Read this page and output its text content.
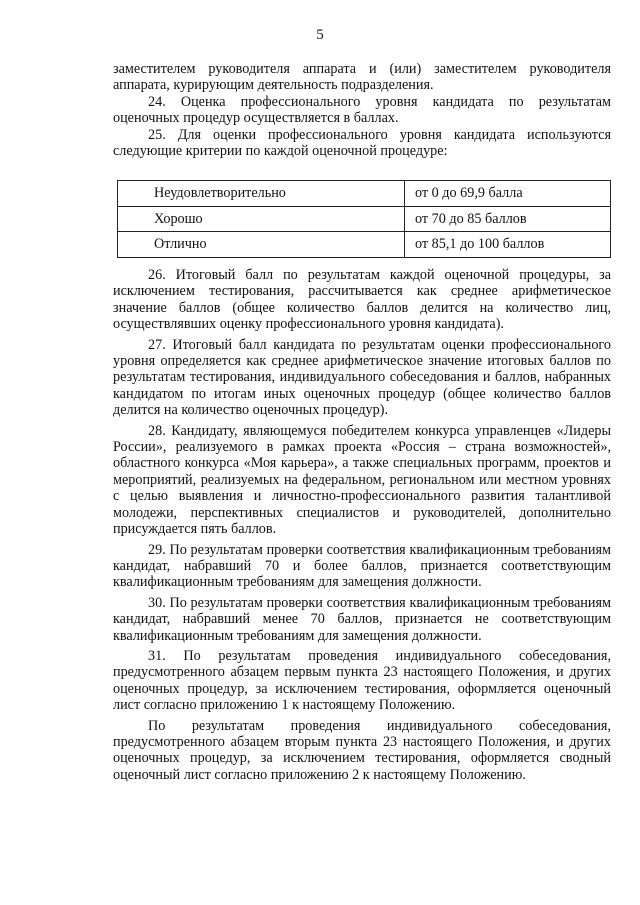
5

заместителем руководителя аппарата и (или) заместителем руководителя аппарата, курирующим деятельность подразделения.

24. Оценка профессионального уровня кандидата по результатам оценочных процедур осуществляется в баллах.

25. Для оценки профессионального уровня кандидата используются следующие критерии по каждой оценочной процедуре:

Неудовлетворительно	от 0 до 69,9 балла
Хорошо	от 70 до 85 баллов
Отлично	от 85,1 до 100 баллов

26. Итоговый балл по результатам каждой оценочной процедуры, за исключением тестирования, рассчитывается как среднее арифметическое значение баллов (общее количество баллов делится на количество лиц, осуществлявших оценку профессионального уровня кандидата).

27. Итоговый балл кандидата по результатам оценки профессионального уровня определяется как среднее арифметическое значение итоговых баллов по результатам тестирования, индивидуального собеседования и баллов, набранных кандидатом по итогам иных оценочных процедур (общее количество баллов делится на количество оценочных процедур).

28. Кандидату, являющемуся победителем конкурса управленцев «Лидеры России», реализуемого в рамках проекта «Россия – страна возможностей», областного конкурса «Моя карьера», а также специальных программ, проектов и мероприятий, реализуемых на федеральном, региональном или местном уровнях с целью выявления и личностно-профессионального развития талантливой молодежи, перспективных специалистов и руководителей, дополнительно присуждается пять баллов.

29. По результатам проверки соответствия квалификационным требованиям кандидат, набравший 70 и более баллов, признается соответствующим квалификационным требованиям для замещения должности.

30. По результатам проверки соответствия квалификационным требованиям кандидат, набравший менее 70 баллов, признается не соответствующим квалификационным требованиям для замещения должности.

31. По результатам проведения индивидуального собеседования, предусмотренного абзацем первым пункта 23 настоящего Положения, и других оценочных процедур, за исключением тестирования, оформляется оценочный лист согласно приложению 1 к настоящему Положению.

По результатам проведения индивидуального собеседования, предусмотренного абзацем вторым пункта 23 настоящего Положения, и других оценочных процедур, за исключением тестирования, оформляется сводный оценочный лист согласно приложению 2 к настоящему Положению.
